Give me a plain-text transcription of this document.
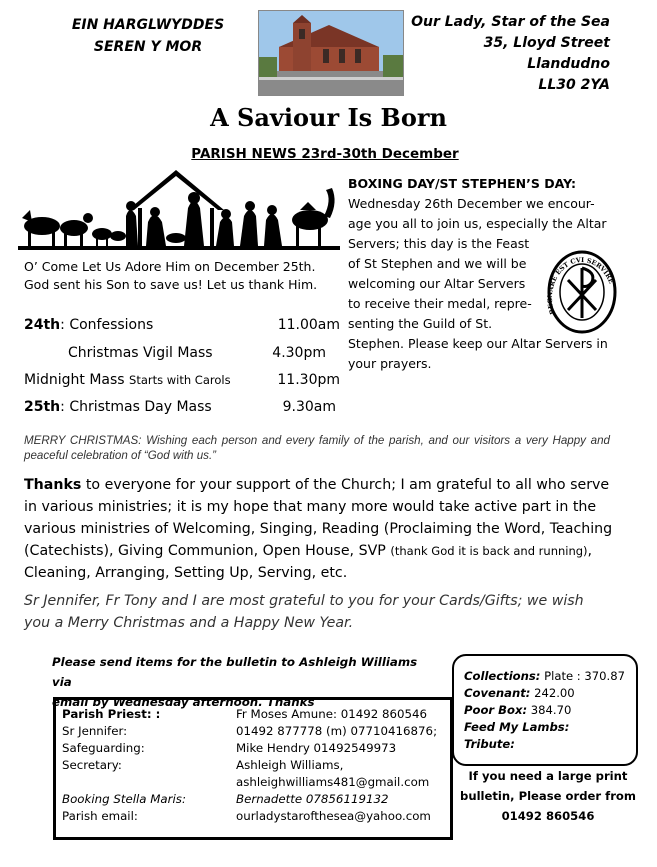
EIN HARGLWYDDES
SEREN Y MOR
Our Lady, Star of the Sea
35, Lloyd Street
Llandudno
LL30 2YA
A Saviour Is Born
PARISH NEWS 23rd-30th December
O’ Come Let Us Adore Him on December 25th.
God sent his Son to save us! Let us thank Him.
24th: Confessions	11.00am
Christmas Vigil Mass	4.30pm
Midnight Mass Starts with Carols	11.30pm
25th: Christmas Day Mass	9.30am
BOXING DAY/ST STEPHEN’S DAY:
Wednesday 26th December we encour-
age you all to join us, especially the Altar
Servers; this day is the Feast
of St Stephen and we will be
welcoming our Altar Servers
to receive their medal, repre-
senting the Guild of St.
Stephen. Please keep our Altar Servers in
your prayers.
REGNARE EST CVI SERVIRE
MERRY CHRISTMAS: Wishing each person and every family of the parish, and our visitors a very Happy and peaceful celebration of “God with us.”
Thanks to everyone for your support of the Church; I am grateful to all who serve in various ministries; it is my hope that many more would take active part in the various ministries of Welcoming, Singing, Reading (Proclaiming the Word, Teaching (Catechists), Giving Communion, Open House, SVP (thank God it is back and running), Cleaning, Arranging, Setting Up, Serving, etc.
Sr Jennifer, Fr Tony and I are most grateful to you for your Cards/Gifts; we wish you a Merry Christmas and a Happy New Year.
Please send items for the bulletin to Ashleigh Williams via
email by Wednesday afternoon. Thanks
Parish Priest: :	Fr Moses Amune: 01492 860546
Sr Jennifer:	01492 877778 (m) 07710416876;
Safeguarding:	Mike Hendry 01492549973
Secretary:	Ashleigh Williams,
	ashleighwilliams481@gmail.com
Booking Stella Maris:	Bernadette 07856119132
Parish email:	ourladystaroftheseа@yahoo.com
Collections: Plate : 370.87
Covenant: 242.00
Poor Box: 384.70
Feed My Lambs:
Tribute:
If you need a large print
bulletin, Please order from
01492 860546
